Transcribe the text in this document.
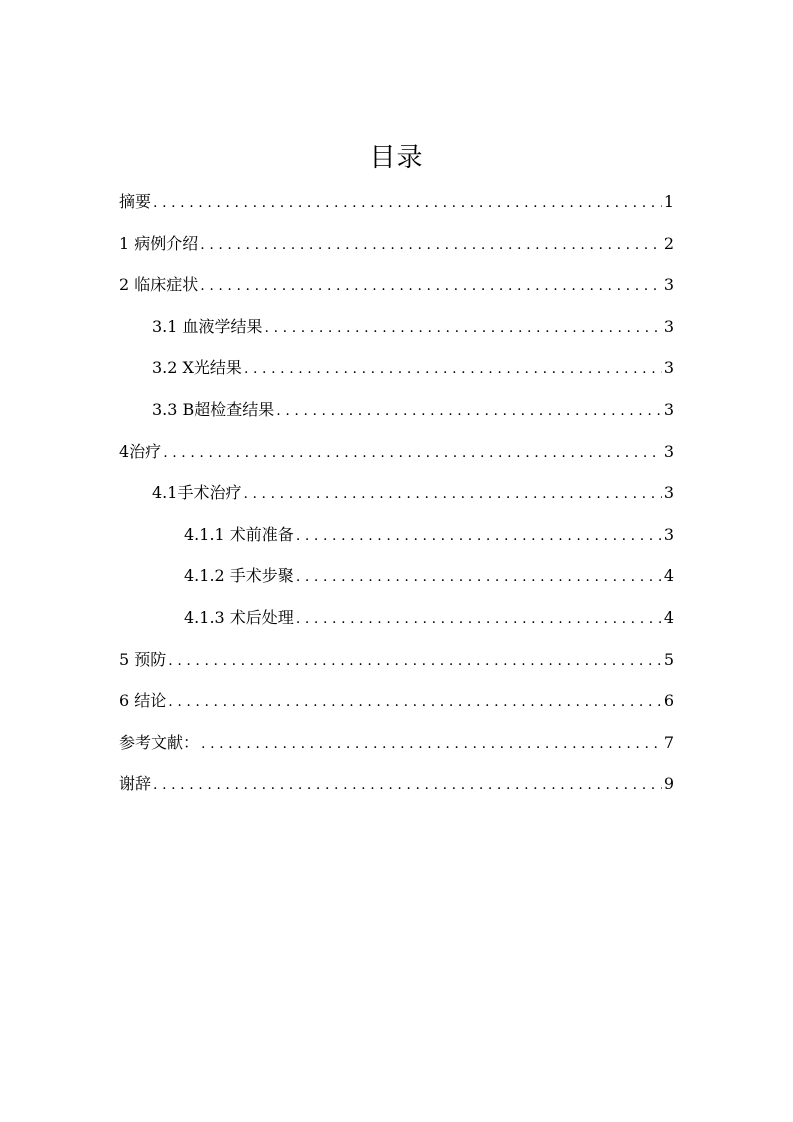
目录
摘要 .....	1
1 病例介绍 .....	2
2 临床症状 .....	3
3.1 血液学结果 .....	3
3.2 X光结果 .....	3
3.3 B超检查结果 .....	3
4治疗 .....	3
4.1手术治疗 .....	3
4.1.1 术前准备 .....	3
4.1.2 手术步聚 .....	4
4.1.3 术后处理 .....	4
5 预防 .....	5
6 结论 .....	6
参考文献： .....	7
谢辞 .....	9
